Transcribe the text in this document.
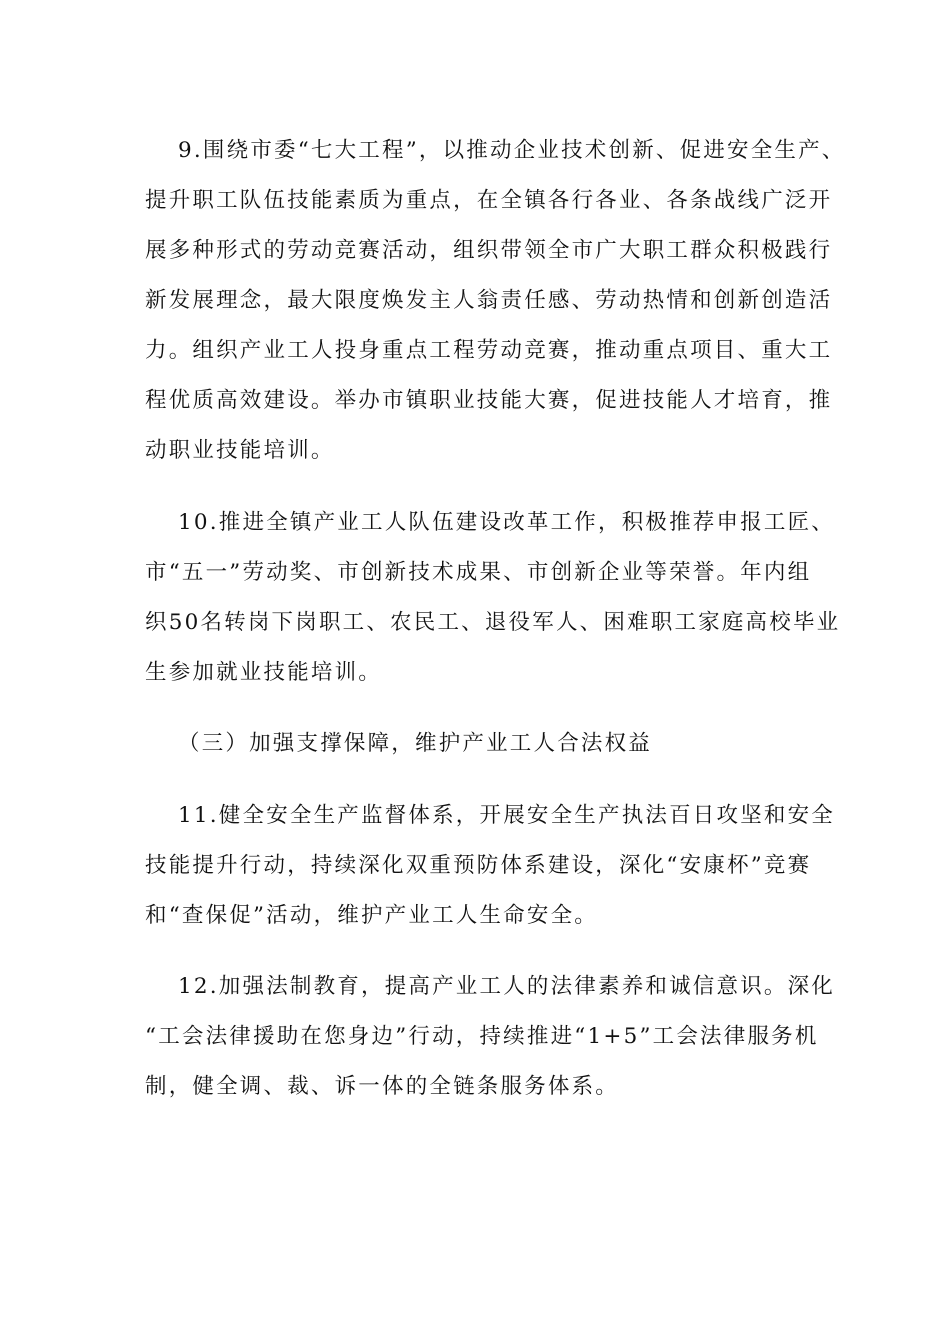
9.围绕市委“七大工程”，以推动企业技术创新、促进安全生产、
提升职工队伍技能素质为重点，在全镇各行各业、各条战线广泛开
展多种形式的劳动竞赛活动，组织带领全市广大职工群众积极践行
新发展理念，最大限度焕发主人翁责任感、劳动热情和创新创造活
力。组织产业工人投身重点工程劳动竞赛，推动重点项目、重大工
程优质高效建设。举办市镇职业技能大赛，促进技能人才培育，推
动职业技能培训。
10.推进全镇产业工人队伍建设改革工作，积极推荐申报工匠、
市“五一”劳动奖、市创新技术成果、市创新企业等荣誉。年内组
织50名转岗下岗职工、农民工、退役军人、困难职工家庭高校毕业
生参加就业技能培训。
（三）加强支撑保障，维护产业工人合法权益
11.健全安全生产监督体系，开展安全生产执法百日攻坚和安全
技能提升行动，持续深化双重预防体系建设，深化“安康杯”竞赛
和“查保促”活动，维护产业工人生命安全。
12.加强法制教育，提高产业工人的法律素养和诚信意识。深化
“工会法律援助在您身边”行动，持续推进“1+5”工会法律服务机
制，健全调、裁、诉一体的全链条服务体系。
